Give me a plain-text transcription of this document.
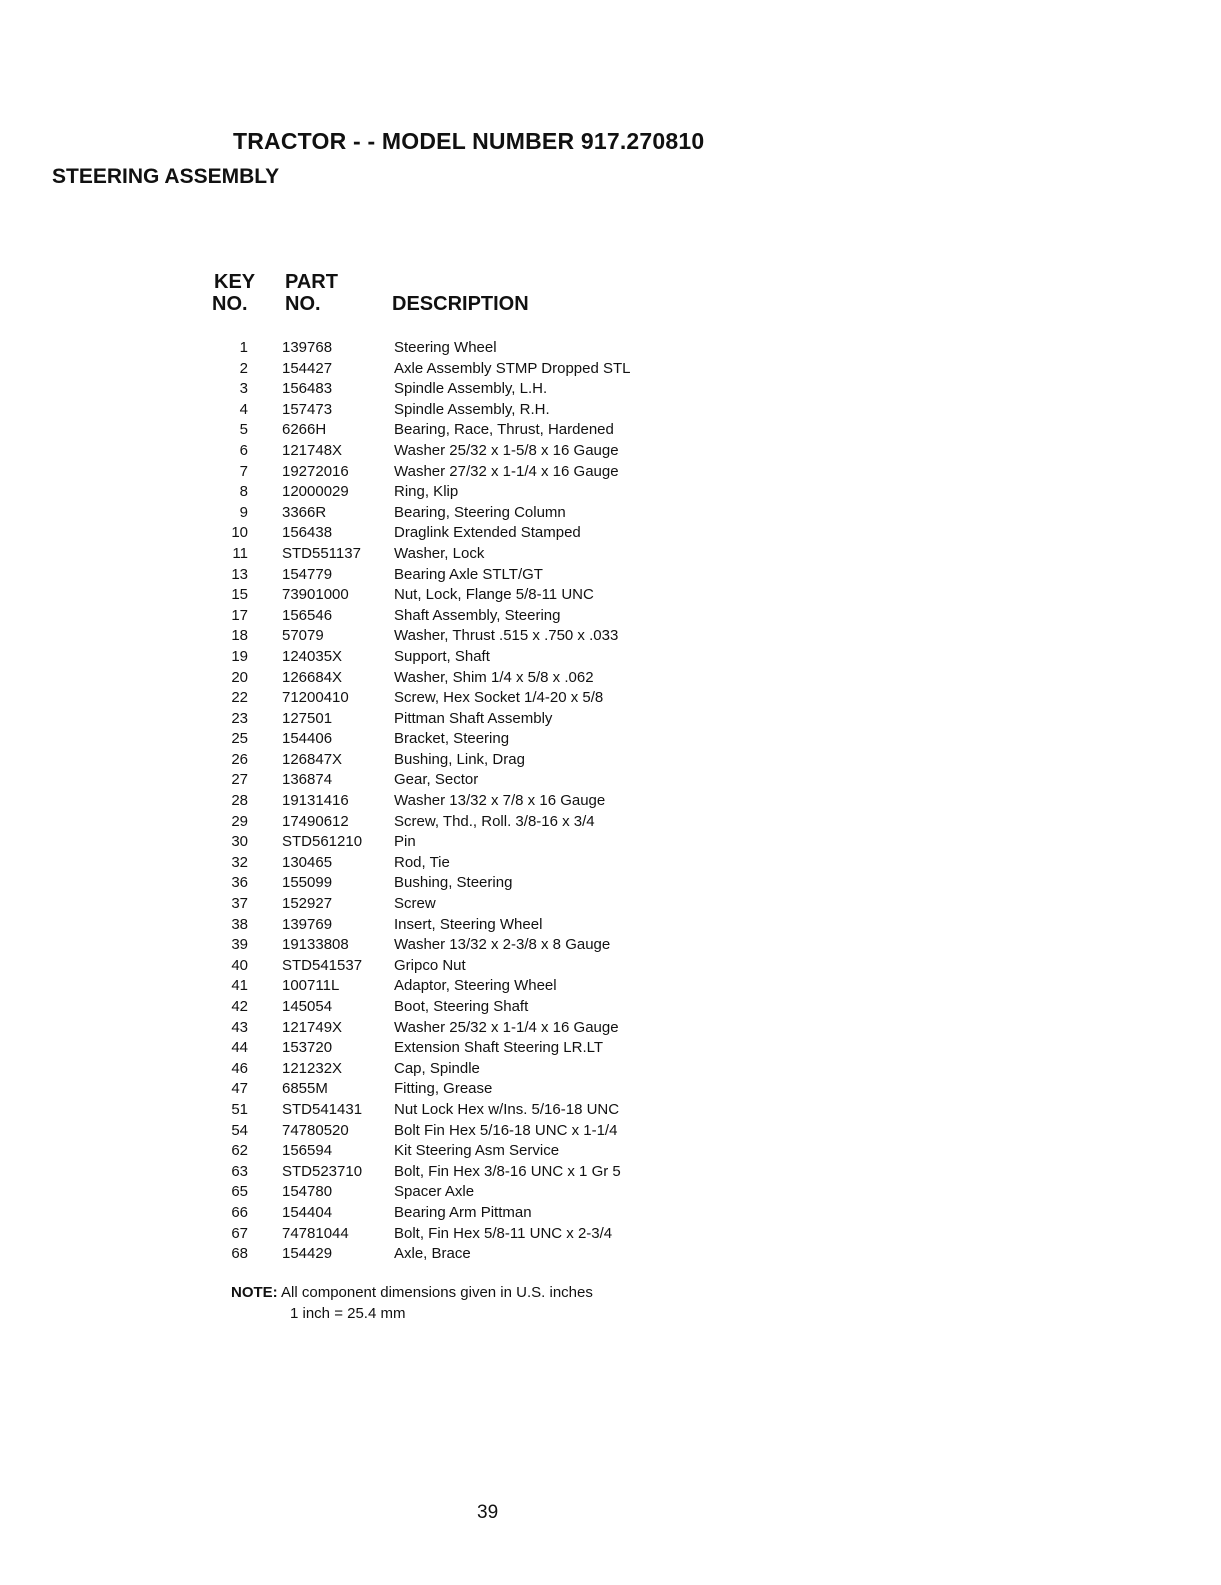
TRACTOR - - MODEL NUMBER 917.270810
STEERING ASSEMBLY
KEY
NO.
PART
NO.	DESCRIPTION
1 139768	Steering Wheel
2 154427	Axle Assembly STMP Dropped STL
3 156483	Spindle Assembly, L.H.
4 157473	Spindle Assembly, R.H.
5 6266H	Bearing, Race, Thrust, Hardened
6 121748X	Washer 25/32 x 1-5/8 x 16 Gauge
7 19272016	Washer 27/32 x 1-1/4 x 16 Gauge
8 12000029	Ring, Klip
9 3366R	Bearing, Steering Column
10 156438	Draglink Extended Stamped
11 STD551137 Washer, Lock
13 154779	Bearing Axle STLT/GT
15 73901000	Nut, Lock, Flange 5/8-11 UNC
17 156546	Shaft Assembly, Steering
18 57079	Washer, Thrust .515 x .750 x .033
19 124035X	Support, Shaft
20 126684X	Washer, Shim 1/4 x 5/8 x .062
22 71200410	Screw, Hex Socket 1/4-20 x 5/8
23 127501	Pittman Shaft Assembly
25 154406	Bracket, Steering
26 126847X	Bushing, Link, Drag
27 136874	Gear, Sector
28 19131416	Washer 13/32 x 7/8 x 16 Gauge
29 17490612	Screw, Thd., Roll. 3/8-16 x 3/4
30 STD561210 Pin
32 130465	Rod, Tie
36 155099	Bushing, Steering
37 152927	Screw
38 139769	Insert, Steering Wheel
39 19133808	Washer 13/32 x 2-3/8 x 8 Gauge
40 STD541537 Gripco Nut
41 100711L	Adaptor, Steering Wheel
42 145054	Boot, Steering Shaft
43 121749X	Washer 25/32 x 1-1/4 x 16 Gauge
44 153720	Extension Shaft Steering LR.LT
46 121232X	Cap, Spindle
47 6855M	Fitting, Grease
51 STD541431 Nut Lock Hex w/Ins. 5/16-18 UNC
54 74780520	Bolt Fin Hex 5/16-18 UNC x 1-1/4
62 156594	Kit Steering Asm Service
63 STD523710 Bolt, Fin Hex 3/8-16 UNC x 1 Gr 5
65 154780	Spacer Axle
66 154404	Bearing Arm Pittman
67 74781044	Bolt, Fin Hex 5/8-11 UNC x 2-3/4
68 154429	Axle, Brace
NOTE: All component dimensions given in U.S. inches
1 inch = 25.4 mm
39
